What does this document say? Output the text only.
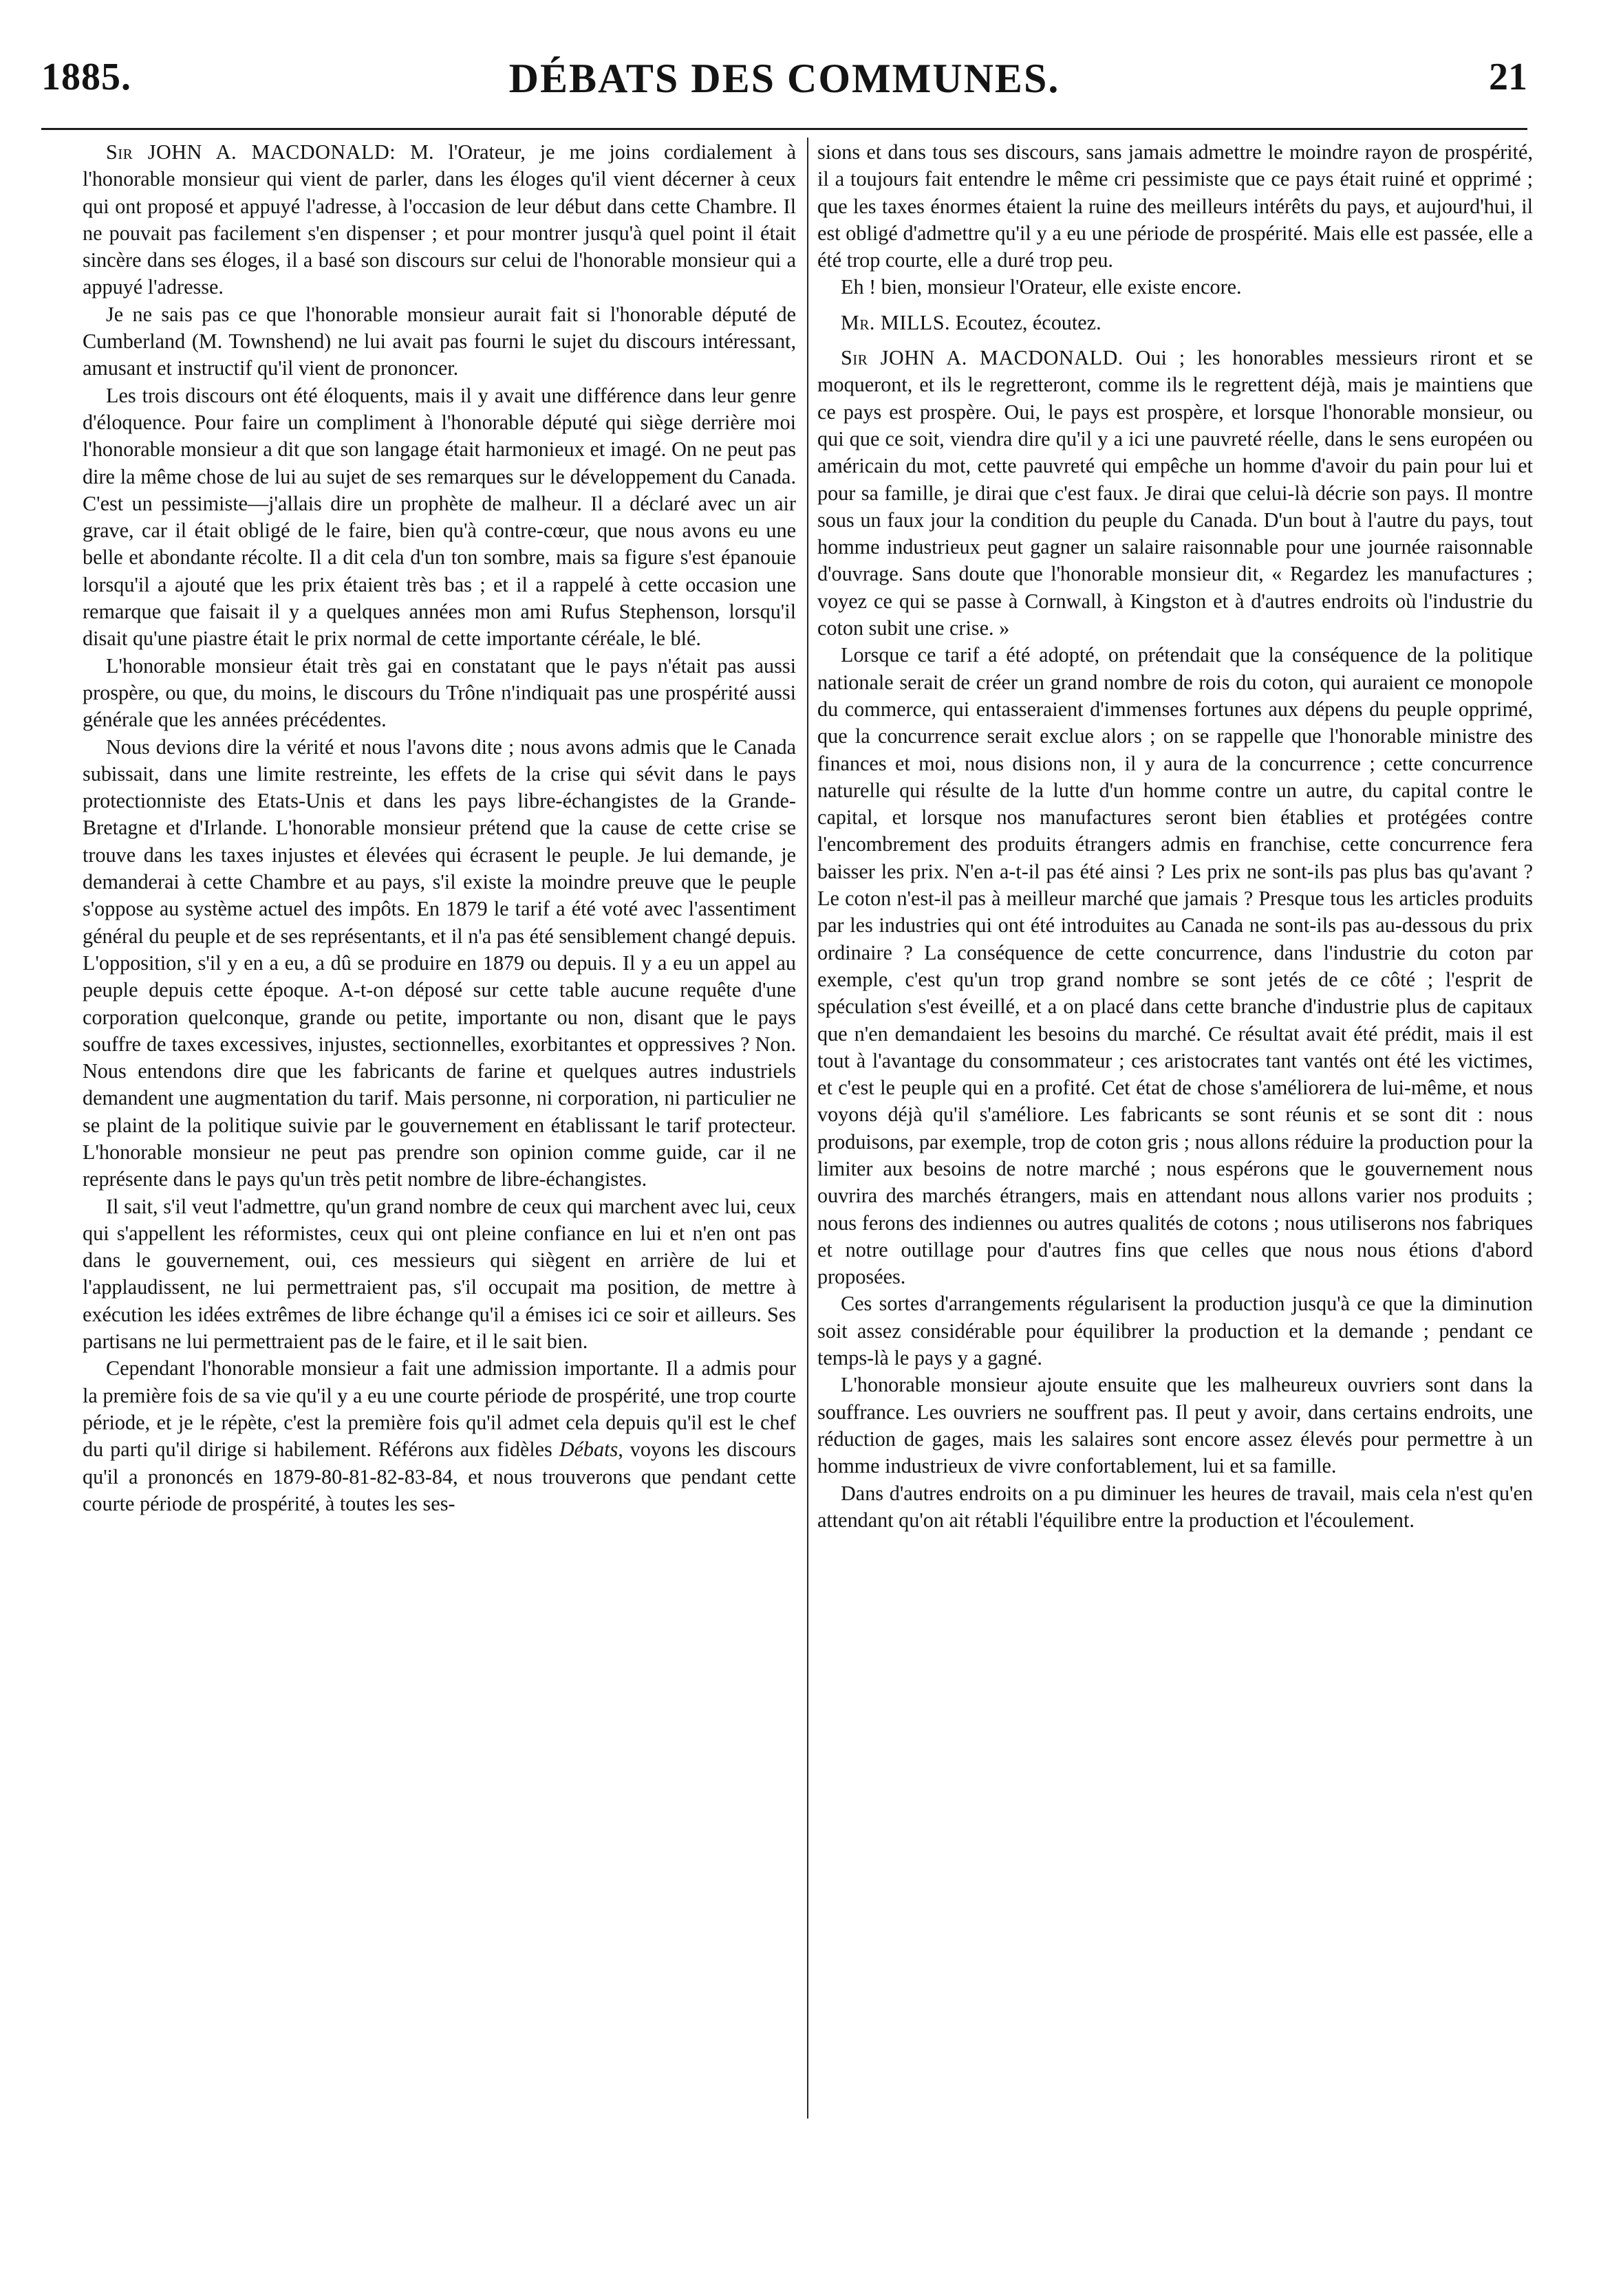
1885.	DÉBATS DES COMMUNES.	21

Sir JOHN A. MACDONALD: M. l'Orateur, je me joins cordialement à l'honorable monsieur qui vient de parler, dans les éloges qu'il vient décerner à ceux qui ont proposé et appuyé l'adresse, à l'occasion de leur début dans cette Chambre. Il ne pouvait pas facilement s'en dispenser ; et pour montrer jusqu'à quel point il était sincère dans ses éloges, il a basé son discours sur celui de l'honorable monsieur qui a appuyé l'adresse.

Je ne sais pas ce que l'honorable monsieur aurait fait si l'honorable député de Cumberland (M. Townshend) ne lui avait pas fourni le sujet du discours intéressant, amusant et instructif qu'il vient de prononcer.

Les trois discours ont été éloquents, mais il y avait une différence dans leur genre d'éloquence. Pour faire un compliment à l'honorable député qui siège derrière moi l'honorable monsieur a dit que son langage était harmonieux et imagé. On ne peut pas dire la même chose de lui au sujet de ses remarques sur le développement du Canada. C'est un pessimiste—j'allais dire un prophète de malheur. Il a déclaré avec un air grave, car il était obligé de le faire, bien qu'à contre-cœur, que nous avons eu une belle et abondante récolte. Il a dit cela d'un ton sombre, mais sa figure s'est épanouie lorsqu'il a ajouté que les prix étaient très bas ; et il a rappelé à cette occasion une remarque que faisait il y a quelques années mon ami Rufus Stephenson, lorsqu'il disait qu'une piastre était le prix normal de cette importante céréale, le blé.

L'honorable monsieur était très gai en constatant que le pays n'était pas aussi prospère, ou que, du moins, le discours du Trône n'indiquait pas une prospérité aussi générale que les années précédentes.

Nous devions dire la vérité et nous l'avons dite ; nous avons admis que le Canada subissait, dans une limite restreinte, les effets de la crise qui sévit dans le pays protectionniste des Etats-Unis et dans les pays libre-échangistes de la Grande-Bretagne et d'Irlande. L'honorable monsieur prétend que la cause de cette crise se trouve dans les taxes injustes et élevées qui écrasent le peuple. Je lui demande, je demanderai à cette Chambre et au pays, s'il existe la moindre preuve que le peuple s'oppose au système actuel des impôts. En 1879 le tarif a été voté avec l'assentiment général du peuple et de ses représentants, et il n'a pas été sensiblement changé depuis. L'opposition, s'il y en a eu, a dû se produire en 1879 ou depuis. Il y a eu un appel au peuple depuis cette époque. A-t-on déposé sur cette table aucune requête d'une corporation quelconque, grande ou petite, importante ou non, disant que le pays souffre de taxes excessives, injustes, sectionnelles, exorbitantes et oppressives ? Non. Nous entendons dire que les fabricants de farine et quelques autres industriels demandent une augmentation du tarif. Mais personne, ni corporation, ni particulier ne se plaint de la politique suivie par le gouvernement en établissant le tarif protecteur. L'honorable monsieur ne peut pas prendre son opinion comme guide, car il ne représente dans le pays qu'un très petit nombre de libre-échangistes.

Il sait, s'il veut l'admettre, qu'un grand nombre de ceux qui marchent avec lui, ceux qui s'appellent les réformistes, ceux qui ont pleine confiance en lui et n'en ont pas dans le gouvernement, oui, ces messieurs qui siègent en arrière de lui et l'applaudissent, ne lui permettraient pas, s'il occupait ma position, de mettre à exécution les idées extrêmes de libre échange qu'il a émises ici ce soir et ailleurs. Ses partisans ne lui permettraient pas de le faire, et il le sait bien.

Cependant l'honorable monsieur a fait une admission importante. Il a admis pour la première fois de sa vie qu'il y a eu une courte période de prospérité, une trop courte période, et je le répète, c'est la première fois qu'il admet cela depuis qu'il est le chef du parti qu'il dirige si habilement. Référons aux fidèles Débats, voyons les discours qu'il a prononcés en 1879-80-81-82-83-84, et nous trouverons que pendant cette courte période de prospérité, à toutes les ses-

sions et dans tous ses discours, sans jamais admettre le moindre rayon de prospérité, il a toujours fait entendre le même cri pessimiste que ce pays était ruiné et opprimé ; que les taxes énormes étaient la ruine des meilleurs intérêts du pays, et aujourd'hui, il est obligé d'admettre qu'il y a eu une période de prospérité. Mais elle est passée, elle a été trop courte, elle a duré trop peu.

Eh ! bien, monsieur l'Orateur, elle existe encore.

Mr. MILLS. Ecoutez, écoutez.

Sir JOHN A. MACDONALD. Oui ; les honorables messieurs riront et se moqueront, et ils le regretteront, comme ils le regrettent déjà, mais je maintiens que ce pays est prospère. Oui, le pays est prospère, et lorsque l'honorable monsieur, ou qui que ce soit, viendra dire qu'il y a ici une pauvreté réelle, dans le sens européen ou américain du mot, cette pauvreté qui empêche un homme d'avoir du pain pour lui et pour sa famille, je dirai que c'est faux. Je dirai que celui-là décrie son pays. Il montre sous un faux jour la condition du peuple du Canada. D'un bout à l'autre du pays, tout homme industrieux peut gagner un salaire raisonnable pour une journée raisonnable d'ouvrage. Sans doute que l'honorable monsieur dit, « Regardez les manufactures ; voyez ce qui se passe à Cornwall, à Kingston et à d'autres endroits où l'industrie du coton subit une crise. »

Lorsque ce tarif a été adopté, on prétendait que la conséquence de la politique nationale serait de créer un grand nombre de rois du coton, qui auraient ce monopole du commerce, qui entasseraient d'immenses fortunes aux dépens du peuple opprimé, que la concurrence serait exclue alors ; on se rappelle que l'honorable ministre des finances et moi, nous disions non, il y aura de la concurrence ; cette concurrence naturelle qui résulte de la lutte d'un homme contre un autre, du capital contre le capital, et lorsque nos manufactures seront bien établies et protégées contre l'encombrement des produits étrangers admis en franchise, cette concurrence fera baisser les prix. N'en a-t-il pas été ainsi ? Les prix ne sont-ils pas plus bas qu'avant ? Le coton n'est-il pas à meilleur marché que jamais ? Presque tous les articles produits par les industries qui ont été introduites au Canada ne sont-ils pas au-dessous du prix ordinaire ? La conséquence de cette concurrence, dans l'industrie du coton par exemple, c'est qu'un trop grand nombre se sont jetés de ce côté ; l'esprit de spéculation s'est éveillé, et a on placé dans cette branche d'industrie plus de capitaux que n'en demandaient les besoins du marché. Ce résultat avait été prédit, mais il est tout à l'avantage du consommateur ; ces aristocrates tant vantés ont été les victimes, et c'est le peuple qui en a profité. Cet état de chose s'améliorera de lui-même, et nous voyons déjà qu'il s'améliore. Les fabricants se sont réunis et se sont dit : nous produisons, par exemple, trop de coton gris ; nous allons réduire la production pour la limiter aux besoins de notre marché ; nous espérons que le gouvernement nous ouvrira des marchés étrangers, mais en attendant nous allons varier nos produits ; nous ferons des indiennes ou autres qualités de cotons ; nous utiliserons nos fabriques et notre outillage pour d'autres fins que celles que nous nous étions d'abord proposées.

Ces sortes d'arrangements régularisent la production jusqu'à ce que la diminution soit assez considérable pour équilibrer la production et la demande ; pendant ce temps-là le pays y a gagné.

L'honorable monsieur ajoute ensuite que les malheureux ouvriers sont dans la souffrance. Les ouvriers ne souffrent pas. Il peut y avoir, dans certains endroits, une réduction de gages, mais les salaires sont encore assez élevés pour permettre à un homme industrieux de vivre confortablement, lui et sa famille.

Dans d'autres endroits on a pu diminuer les heures de travail, mais cela n'est qu'en attendant qu'on ait rétabli l'équilibre entre la production et l'écoulement.
